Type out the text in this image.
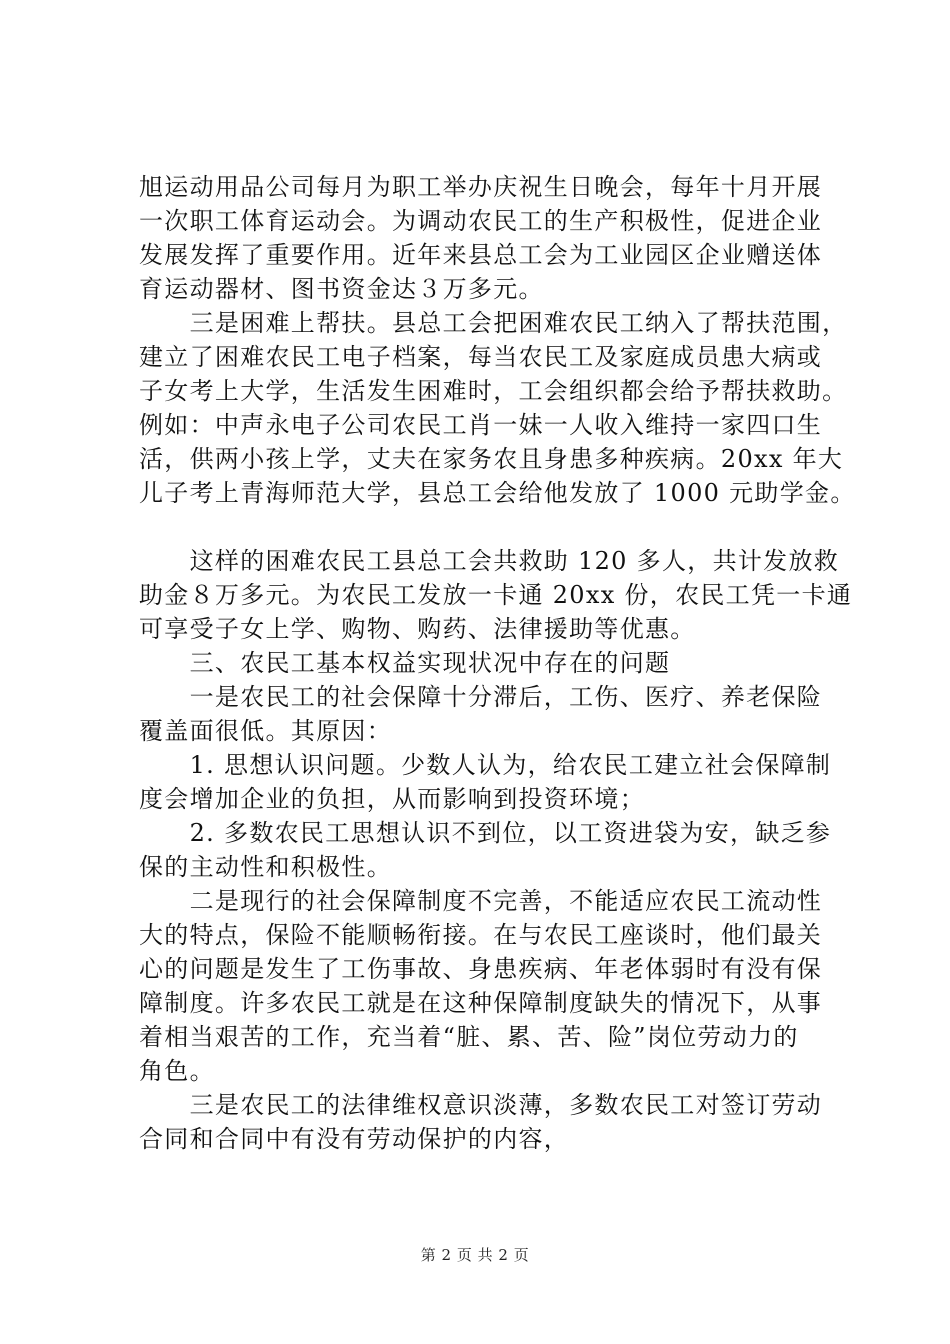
旭运动用品公司每月为职工举办庆祝生日晚会，每年十月开展
一次职工体育运动会。为调动农民工的生产积极性，促进企业
发展发挥了重要作用。近年来县总工会为工业园区企业赠送体
育运动器材、图书资金达３万多元。
　　三是困难上帮扶。县总工会把困难农民工纳入了帮扶范围，
建立了困难农民工电子档案，每当农民工及家庭成员患大病或
子女考上大学，生活发生困难时，工会组织都会给予帮扶救助。
例如：中声永电子公司农民工肖一妹一人收入维持一家四口生
活，供两小孩上学，丈夫在家务农且身患多种疾病。20xx 年大
儿子考上青海师范大学，县总工会给他发放了 1000 元助学金。
　　这样的困难农民工县总工会共救助 120 多人，共计发放救
助金８万多元。为农民工发放一卡通 20xx 份，农民工凭一卡通
可享受子女上学、购物、购药、法律援助等优惠。
　　三、农民工基本权益实现状况中存在的问题
　　一是农民工的社会保障十分滞后，工伤、医疗、养老保险
覆盖面很低。其原因：
　　1. 思想认识问题。少数人认为，给农民工建立社会保障制
度会增加企业的负担，从而影响到投资环境；
　　2. 多数农民工思想认识不到位，以工资进袋为安，缺乏参
保的主动性和积极性。
　　二是现行的社会保障制度不完善，不能适应农民工流动性
大的特点，保险不能顺畅衔接。在与农民工座谈时，他们最关
心的问题是发生了工伤事故、身患疾病、年老体弱时有没有保
障制度。许多农民工就是在这种保障制度缺失的情况下，从事
着相当艰苦的工作，充当着“脏、累、苦、险”岗位劳动力的
角色。
　　三是农民工的法律维权意识淡薄，多数农民工对签订劳动
合同和合同中有没有劳动保护的内容，
第 2 页 共 2 页
